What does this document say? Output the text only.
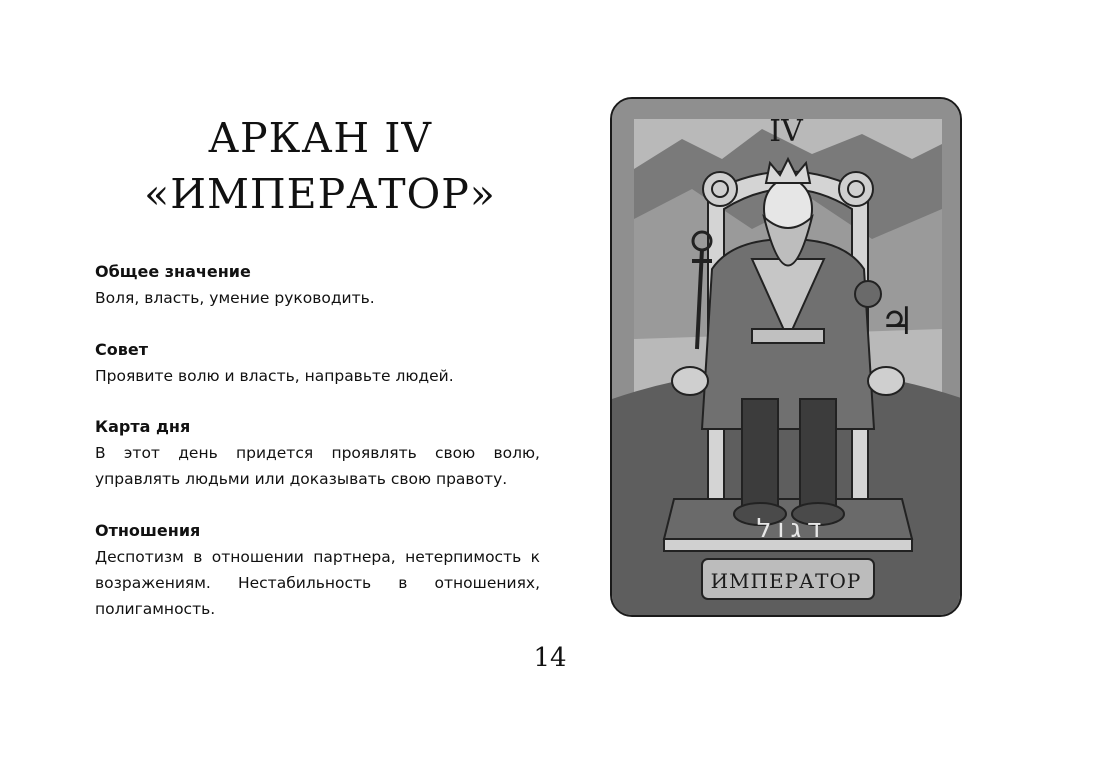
АРКАН IV
«ИМПЕРАТОР»
Общее значение
Воля, власть, умение руководить.
Совет
Проявите волю и власть, направьте людей.
Карта дня
В этот день придется проявлять свою волю, управлять людьми или доказывать свою правоту.
Отношения
Деспотизм в отношении партнера, нетерпимость к возражениям. Нестабильность в отношениях, полигамность.
IV
♃
דגול
ИМПЕРАТОР
14
